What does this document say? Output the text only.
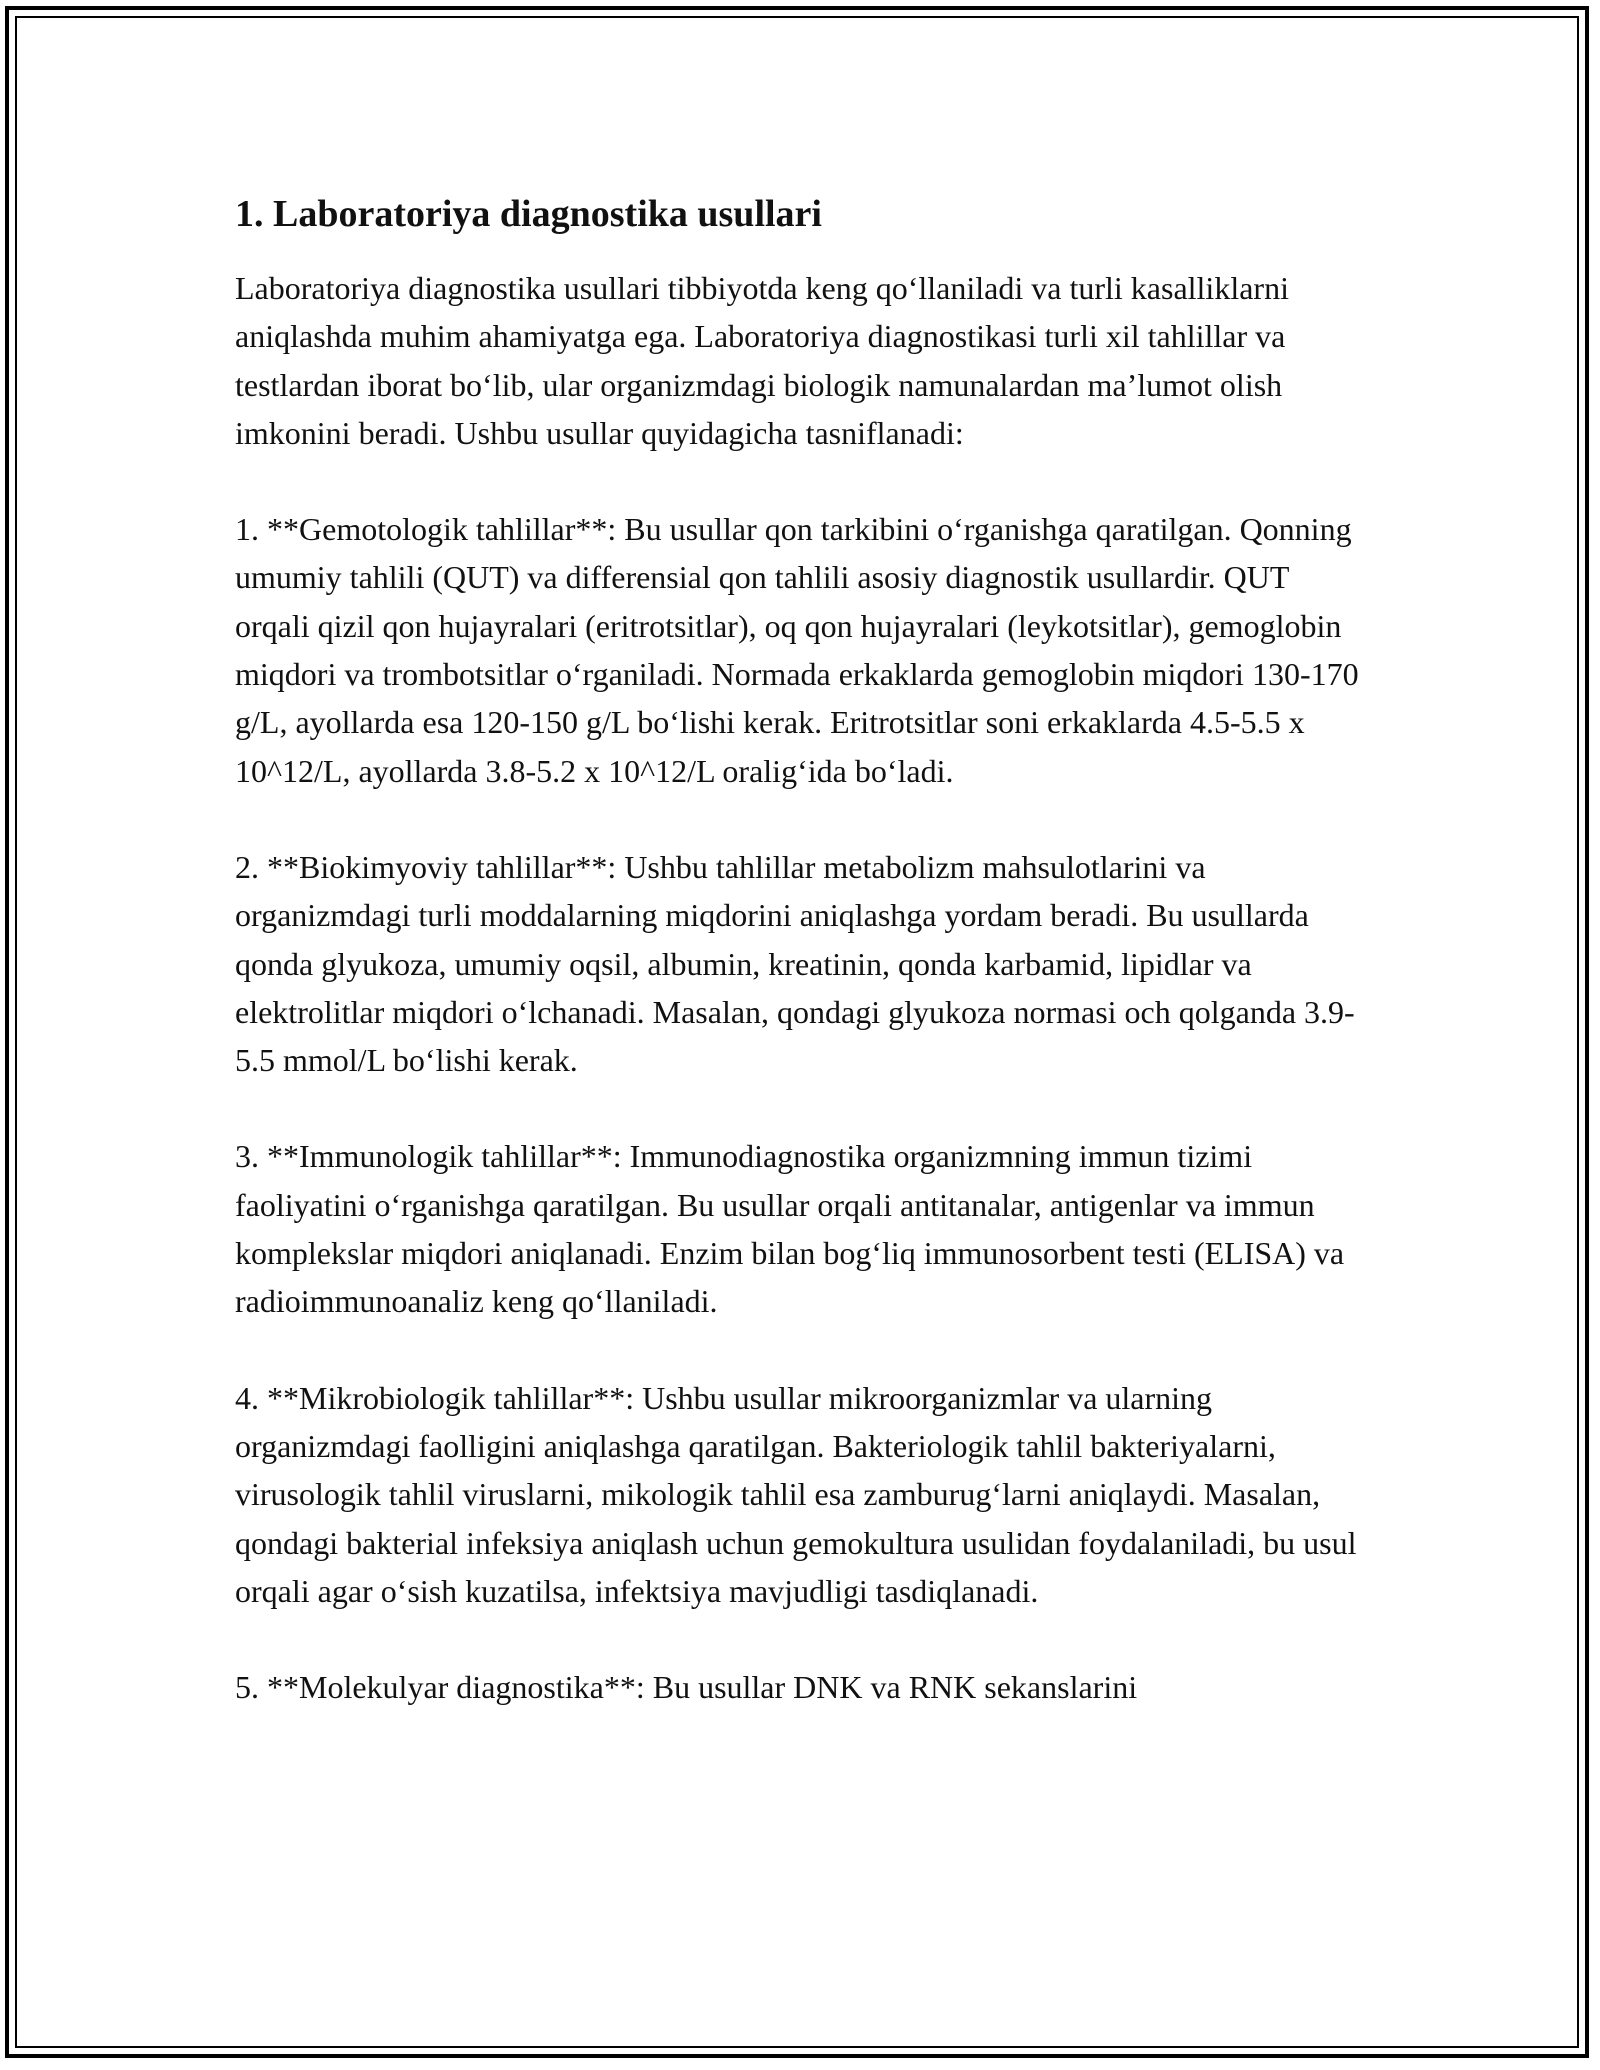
1. Laboratoriya diagnostika usullari

Laboratoriya diagnostika usullari tibbiyotda keng qo‘llaniladi va turli kasalliklarni aniqlashda muhim ahamiyatga ega. Laboratoriya diagnostikasi turli xil tahlillar va testlardan iborat bo‘lib, ular organizmdagi biologik namunalardan ma’lumot olish imkonini beradi. Ushbu usullar quyidagicha tasniflanadi:

1. **Gemotologik tahlillar**: Bu usullar qon tarkibini o‘rganishga qaratilgan. Qonning umumiy tahlili (QUT) va differensial qon tahlili asosiy diagnostik usullardir. QUT orqali qizil qon hujayralari (eritrotsitlar), oq qon hujayralari (leykotsitlar), gemoglobin miqdori va trombotsitlar o‘rganiladi. Normada erkaklarda gemoglobin miqdori 130-170 g/L, ayollarda esa 120-150 g/L bo‘lishi kerak. Eritrotsitlar soni erkaklarda 4.5-5.5 x 10^12/L, ayollarda 3.8-5.2 x 10^12/L oralig‘ida bo‘ladi.

2. **Biokimyoviy tahlillar**: Ushbu tahlillar metabolizm mahsulotlarini va organizmdagi turli moddalarning miqdorini aniqlashga yordam beradi. Bu usullarda qonda glyukoza, umumiy oqsil, albumin, kreatinin, qonda karbamid, lipidlar va elektrolitlar miqdori o‘lchanadi. Masalan, qondagi glyukoza normasi och qolganda 3.9-5.5 mmol/L bo‘lishi kerak.

3. **Immunologik tahlillar**: Immunodiagnostika organizmning immun tizimi faoliyatini o‘rganishga qaratilgan. Bu usullar orqali antitanalar, antigenlar va immun komplekslar miqdori aniqlanadi. Enzim bilan bog‘liq immunosorbent testi (ELISA) va radioimmunoanaliz keng qo‘llaniladi.

4. **Mikrobiologik tahlillar**: Ushbu usullar mikroorganizmlar va ularning organizmdagi faolligini aniqlashga qaratilgan. Bakteriologik tahlil bakteriyalarni, virusologik tahlil viruslarni, mikologik tahlil esa zamburug‘larni aniqlaydi. Masalan, qondagi bakterial infeksiya aniqlash uchun gemokultura usulidan foydalaniladi, bu usul orqali agar o‘sish kuzatilsa, infektsiya mavjudligi tasdiqlanadi.

5. **Molekulyar diagnostika**: Bu usullar DNK va RNK sekanslarini
